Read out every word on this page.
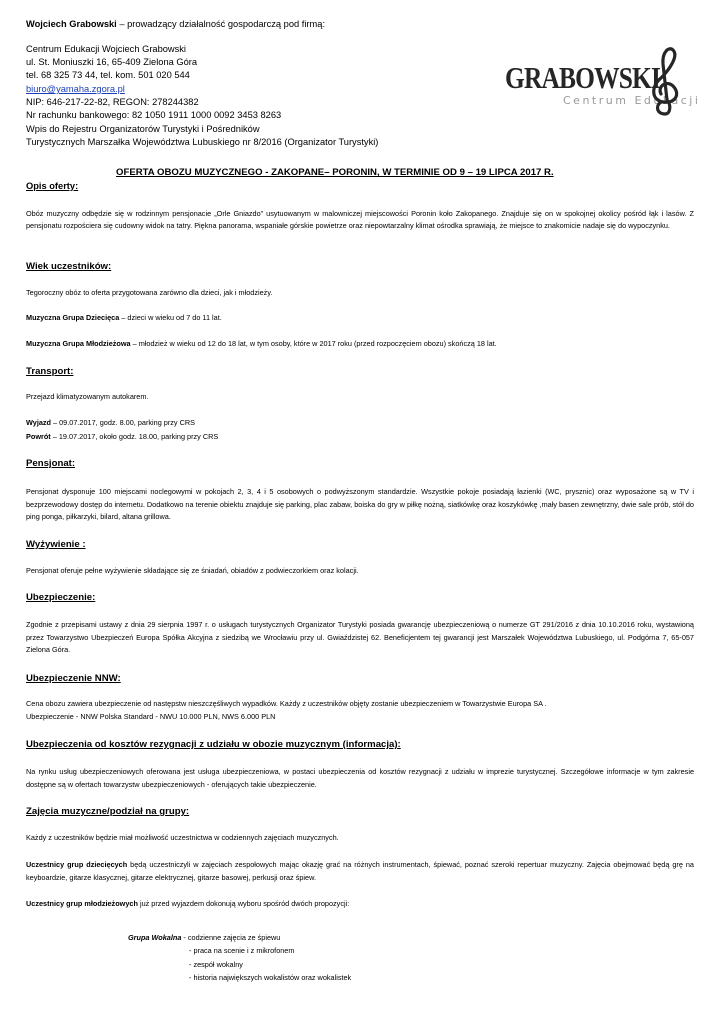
Wojciech Grabowski – prowadzący działalność gospodarczą pod firmą:

Centrum Edukacji Wojciech Grabowski

ul. St. Moniuszki 16, 65-409 Zielona Góra

tel. 68 325 73 44, tel. kom. 501 020 544

biuro@yamaha.zgora.pl

NIP: 646-217-22-82, REGON: 278244382

Nr rachunku bankowego: 82 1050 1911 1000 0092 3453 8263

Wpis do Rejestru Organizatorów Turystyki i Pośredników

Turystycznych Marszałka Województwa Lubuskiego nr 8/2016 (Organizator Turystyki)

GRABOWSKI
Centrum Edukacji

OFERTA OBOZU MUZYCZNEGO - ZAKOPANE– PORONIN, W TERMINIE OD 9 – 19 LIPCA 2017 R.

Opis oferty:

Obóz muzyczny odbędzie się w rodzinnym pensjonacie „Orle Gniazdo” usytuowanym w malowniczej miejscowości Poronin koło Zakopanego. Znajduje się on w spokojnej okolicy pośród łąk i lasów. Z pensjonatu rozpościera się cudowny widok na tatry. Piękna panorama, wspaniałe górskie powietrze oraz niepowtarzalny klimat ośrodka sprawiają, że miejsce to znakomicie nadaje się do wypoczynku.

Wiek uczestników:

Tegoroczny obóz to oferta przygotowana zarówno dla dzieci, jak i młodzieży.

Muzyczna Grupa Dziecięca – dzieci w wieku od 7 do 11 lat.

Muzyczna Grupa Młodzieżowa – młodzież w wieku od 12 do 18 lat, w tym osoby, które w 2017 roku (przed rozpoczęciem obozu) skończą 18 lat.

Transport:

Przejazd klimatyzowanym autokarem.

Wyjazd – 09.07.2017, godz. 8.00, parking przy CRS

Powrót – 19.07.2017, około godz. 18.00, parking przy CRS

Pensjonat:

Pensjonat dysponuje 100 miejscami noclegowymi w pokojach 2, 3, 4 i 5 osobowych o podwyższonym standardzie. Wszystkie pokoje posiadają łazienki (WC, prysznic) oraz wyposażone są w TV i bezprzewodowy dostęp do internetu. Dodatkowo na terenie obiektu znajduje się parking, plac zabaw, boiska do gry w piłkę nożną, siatkówkę oraz koszykówkę ,mały basen zewnętrzny, dwie sale prób, stół do ping ponga, piłkarzyki, bilard, altana grillowa.

Wyżywienie :

Pensjonat oferuje pełne wyżywienie składające się ze śniadań, obiadów z podwieczorkiem oraz kolacji.

Ubezpieczenie:

Zgodnie z przepisami ustawy z dnia 29 sierpnia 1997 r. o usługach turystycznych Organizator Turystyki posiada gwarancję ubezpieczeniową o numerze GT 291/2016 z dnia 10.10.2016 roku, wystawioną przez Towarzystwo Ubezpieczeń Europa Spółka Akcyjna z siedzibą we Wrocławiu przy ul. Gwiaździstej 62. Beneficjentem tej gwarancji jest Marszałek Województwa Lubuskiego, ul. Podgórna 7, 65-057 Zielona Góra.

Ubezpieczenie NNW:

Cena obozu zawiera ubezpieczenie od następstw nieszczęśliwych wypadków. Każdy z uczestników objęty zostanie ubezpieczeniem w Towarzystwie Europa SA .

Ubezpieczenie - NNW Polska Standard - NWU 10.000 PLN, NWS 6.000 PLN

Ubezpieczenia od kosztów rezygnacji z udziału w obozie muzycznym (informacja):

Na rynku usług ubezpieczeniowych oferowana jest usługa ubezpieczeniowa, w postaci ubezpieczenia od kosztów rezygnacji z udziału w imprezie turystycznej. Szczegółowe informacje w tym zakresie dostępne są w ofertach towarzystw ubezpieczeniowych - oferujących takie ubezpieczenie.

Zajęcia muzyczne/podział na grupy:

Każdy z uczestników będzie miał możliwość uczestnictwa w codziennych zajęciach muzycznych.

Uczestnicy grup dziecięcych będą uczestniczyli w zajęciach zespołowych mając okazję grać na różnych instrumentach, śpiewać, poznać szeroki repertuar muzyczny. Zajęcia obejmować będą grę na keyboardzie, gitarze klasycznej, gitarze elektrycznej, gitarze basowej, perkusji oraz śpiew.

Uczestnicy grup młodzieżowych już przed wyjazdem dokonują wyboru spośród dwóch propozycji:

Grupa Wokalna - codzienne zajęcia ze śpiewu

- praca na scenie i z mikrofonem

- zespół wokalny

- historia największych wokalistów oraz wokalistek
